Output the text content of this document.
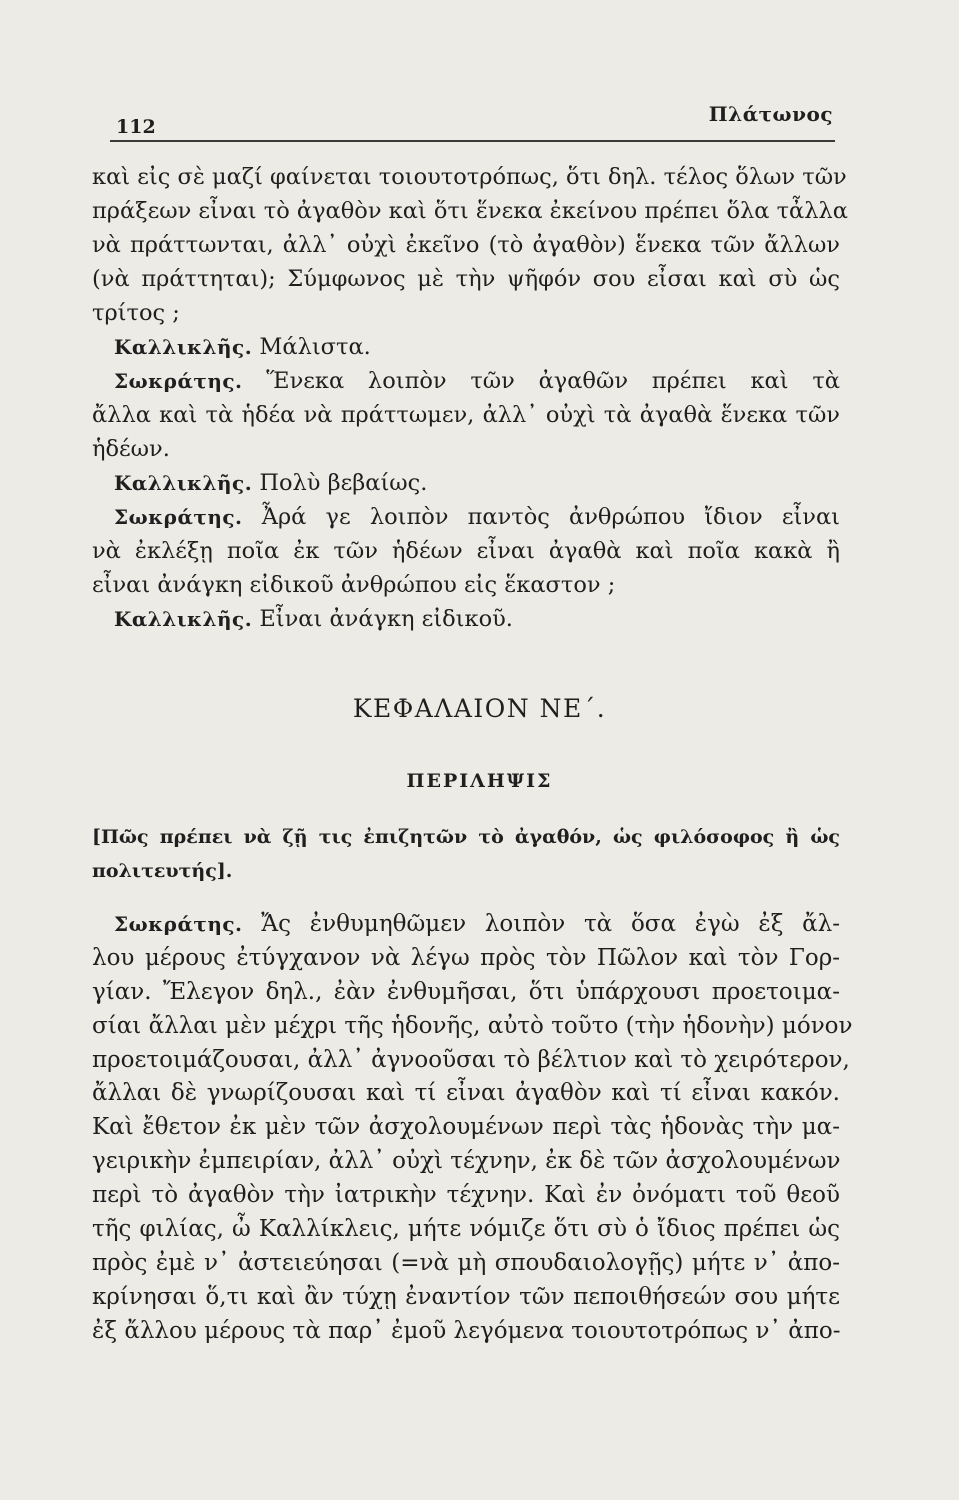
112
Πλάτωνος
καὶ εἰς σὲ μαζί φαίνεται τοιουτοτρόπως, ὅτι δηλ. τέλος ὅλων τῶν
πράξεων εἶναι τὸ ἀγαθὸν καὶ ὅτι ἕνεκα ἐκείνου πρέπει ὅλα τἆλλα
νὰ πράττωνται, ἀλλ᾿ οὐχὶ ἐκεῖνο (τὸ ἀγαθὸν) ἕνεκα τῶν ἄλλων
(νὰ πράττηται); Σύμφωνος μὲ τὴν ψῆφόν σου εἶσαι καὶ σὺ ὡς
τρίτος ;
Καλλικλῆς. Μάλιστα.
Σωκράτης. Ἕνεκα λοιπὸν τῶν ἀγαθῶν πρέπει καὶ τὰ
ἄλλα καὶ τὰ ἡδέα νὰ πράττωμεν, ἀλλ᾿ οὐχὶ τὰ ἀγαθὰ ἕνεκα τῶν
ἡδέων.
Καλλικλῆς. Πολὺ βεβαίως.
Σωκράτης. Ἆρά γε λοιπὸν παντὸς ἀνθρώπου ἴδιον εἶναι
νὰ ἐκλέξῃ ποῖα ἐκ τῶν ἡδέων εἶναι ἀγαθὰ καὶ ποῖα κακὰ ἢ
εἶναι ἀνάγκη εἰδικοῦ ἀνθρώπου εἰς ἕκαστον ;
Καλλικλῆς. Εἶναι ἀνάγκη εἰδικοῦ.
ΚΕΦΑΛΑΙΟΝ ΝΕ΄.
ΠΕΡΙΛΗΨΙΣ
[Πῶς πρέπει νὰ ζῇ τις ἐπιζητῶν τὸ ἀγαθόν, ὡς φιλόσοφος ἢ ὡς
πολιτευτής].
Σωκράτης. Ἄς ἐνθυμηθῶμεν λοιπὸν τὰ ὅσα ἐγὼ ἐξ ἄλ-
λου μέρους ἐτύγχανον νὰ λέγω πρὸς τὸν Πῶλον καὶ τὸν Γορ-
γίαν. Ἔλεγον δηλ., ἐὰν ἐνθυμῆσαι, ὅτι ὑπάρχουσι προετοιμα-
σίαι ἄλλαι μὲν μέχρι τῆς ἡδονῆς, αὐτὸ τοῦτο (τὴν ἡδονὴν) μόνον
προετοιμάζουσαι, ἀλλ᾿ ἀγνοοῦσαι τὸ βέλτιον καὶ τὸ χειρότερον,
ἄλλαι δὲ γνωρίζουσαι καὶ τί εἶναι ἀγαθὸν καὶ τί εἶναι κακόν.
Καὶ ἔθετον ἐκ μὲν τῶν ἀσχολουμένων περὶ τὰς ἡδονὰς τὴν μα-
γειρικὴν ἐμπειρίαν, ἀλλ᾿ οὐχὶ τέχνην, ἐκ δὲ τῶν ἀσχολουμένων
περὶ τὸ ἀγαθὸν τὴν ἰατρικὴν τέχνην. Καὶ ἐν ὀνόματι τοῦ θεοῦ
τῆς φιλίας, ὦ Καλλίκλεις, μήτε νόμιζε ὅτι σὺ ὁ ἴδιος πρέπει ὡς
πρὸς ἐμὲ ν᾿ ἀστειεύησαι (=νὰ μὴ σπουδαιολογῇς) μήτε ν᾿ ἀπο-
κρίνησαι ὅ,τι καὶ ἂν τύχῃ ἐναντίον τῶν πεποιθήσεών σου μήτε
ἐξ ἄλλου μέρους τὰ παρ᾿ ἐμοῦ λεγόμενα τοιουτοτρόπως ν᾿ ἀπο-
